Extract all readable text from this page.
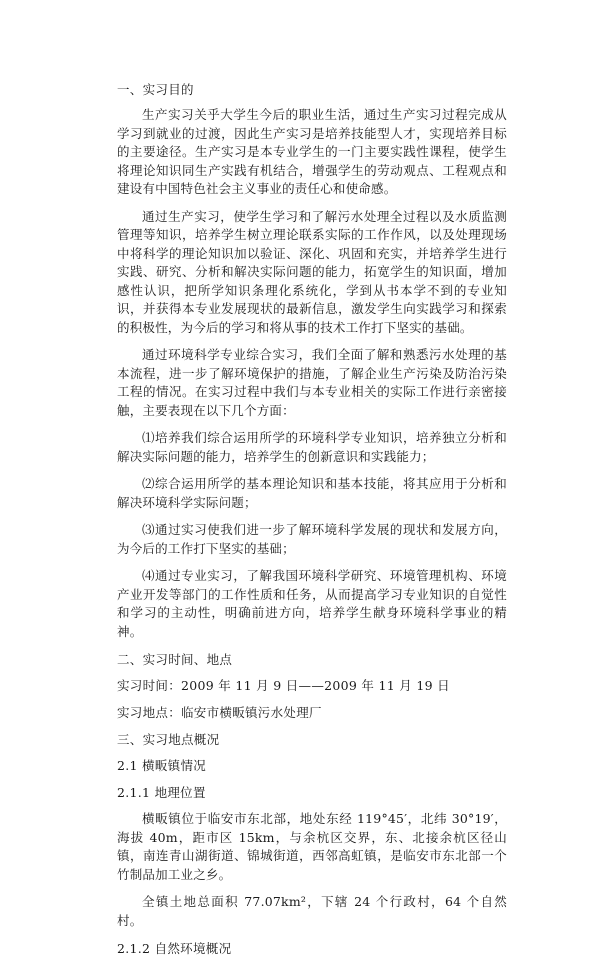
一、实习目的

生产实习关乎大学生今后的职业生活，通过生产实习过程完成从学习到就业的过渡，因此生产实习是培养技能型人才，实现培养目标的主要途径。生产实习是本专业学生的一门主要实践性课程，使学生将理论知识同生产实践有机结合，增强学生的劳动观点、工程观点和建设有中国特色社会主义事业的责任心和使命感。

通过生产实习，使学生学习和了解污水处理全过程以及水质监测管理等知识，培养学生树立理论联系实际的工作作风，以及处理现场中将科学的理论知识加以验证、深化、巩固和充实，并培养学生进行实践、研究、分析和解决实际问题的能力，拓宽学生的知识面，增加感性认识，把所学知识条理化系统化，学到从书本学不到的专业知识，并获得本专业发展现状的最新信息，激发学生向实践学习和探索的积极性，为今后的学习和将从事的技术工作打下坚实的基础。

通过环境科学专业综合实习，我们全面了解和熟悉污水处理的基本流程，进一步了解环境保护的措施，了解企业生产污染及防治污染工程的情况。在实习过程中我们与本专业相关的实际工作进行亲密接触，主要表现在以下几个方面：

⑴培养我们综合运用所学的环境科学专业知识，培养独立分析和解决实际问题的能力，培养学生的创新意识和实践能力；

⑵综合运用所学的基本理论知识和基本技能，将其应用于分析和解决环境科学实际问题；

⑶通过实习使我们进一步了解环境科学发展的现状和发展方向，为今后的工作打下坚实的基础；

⑷通过专业实习，了解我国环境科学研究、环境管理机构、环境产业开发等部门的工作性质和任务，从而提高学习专业知识的自觉性和学习的主动性，明确前进方向，培养学生献身环境科学事业的精神。

二、实习时间、地点
实习时间：2009 年 11 月 9 日——2009 年 11 月 19 日
实习地点：临安市横畈镇污水处理厂
三、实习地点概况
2.1 横畈镇情况
2.1.1 地理位置

横畈镇位于临安市东北部，地处东经 119°45′，北纬 30°19′，海拔 40m，距市区 15km，与余杭区交界，东、北接余杭区径山镇，南连青山湖街道、锦城街道，西邻高虹镇，是临安市东北部一个竹制品加工业之乡。

全镇土地总面积 77.07km²，下辖 24 个行政村，64 个自然村。

2.1.2 自然环境概况
